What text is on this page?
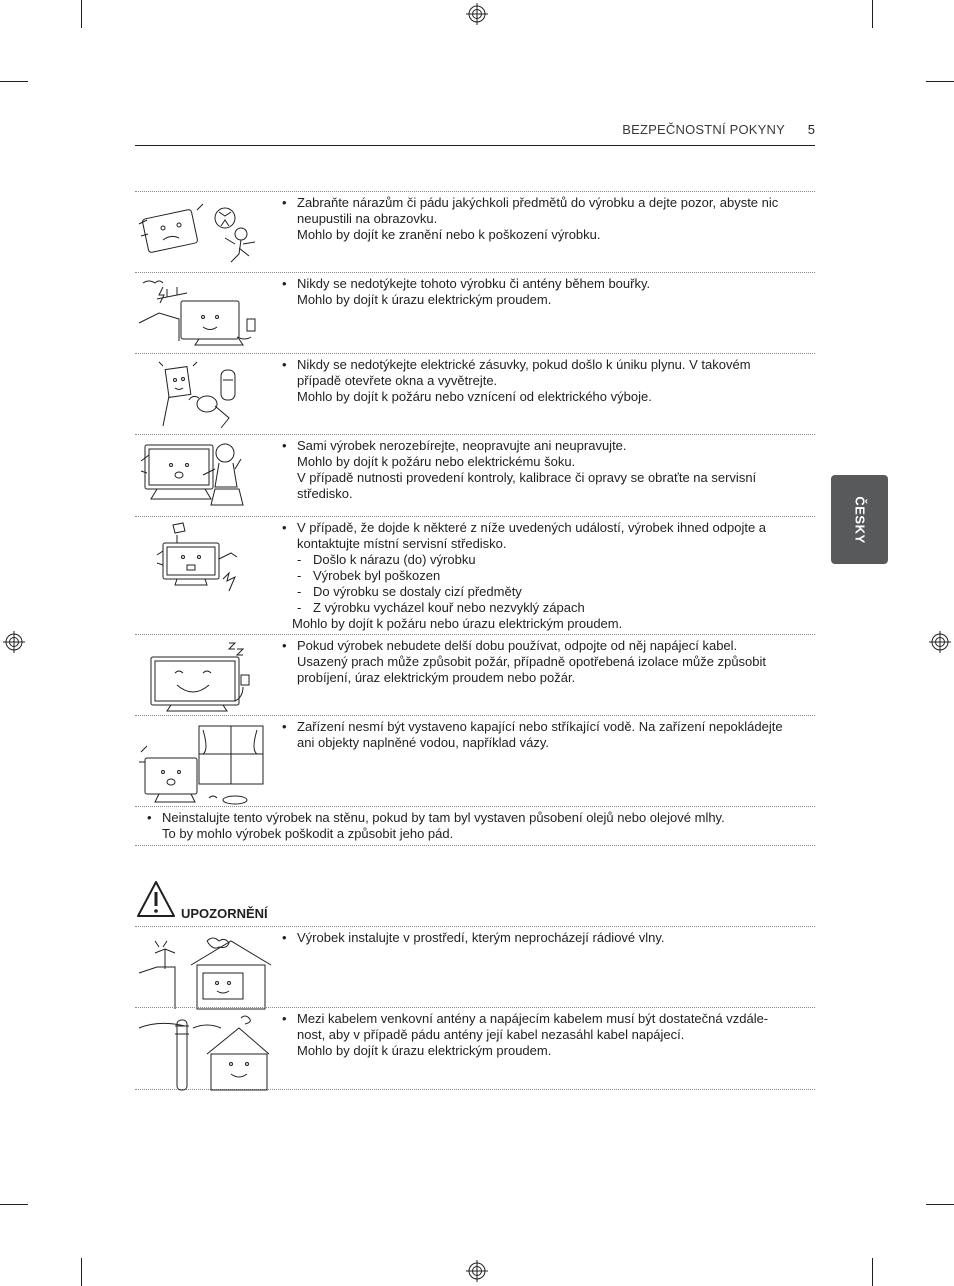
BEZPEČNOSTNÍ POKYNY 5
ČESKY
• Zabraňte nárazům či pádu jakýchkoli předmětů do výrobku a dejte pozor, abyste nic
neupustili na obrazovku.
Mohlo by dojít ke zranění nebo k poškození výrobku.
• Nikdy se nedotýkejte tohoto výrobku či antény během bouřky.
Mohlo by dojít k úrazu elektrickým proudem.
• Nikdy se nedotýkejte elektrické zásuvky, pokud došlo k úniku plynu. V takovém
případě otevřete okna a vyvětrejte.
Mohlo by dojít k požáru nebo vznícení od elektrického výboje.
• Sami výrobek nerozebírejte, neopravujte ani neupravujte.
Mohlo by dojít k požáru nebo elektrickému šoku.
V případě nutnosti provedení kontroly, kalibrace či opravy se obraťte na servisní
středisko.
• V případě, že dojde k některé z níže uvedených událostí, výrobek ihned odpojte a
kontaktujte místní servisní středisko.
- Došlo k nárazu (do) výrobku
- Výrobek byl poškozen
- Do výrobku se dostaly cizí předměty
- Z výrobku vycházel kouř nebo nezvyklý zápach
Mohlo by dojít k požáru nebo úrazu elektrickým proudem.
• Pokud výrobek nebudete delší dobu používat, odpojte od něj napájecí kabel.
Usazený prach může způsobit požár, případně opotřebená izolace může způsobit
probíjení, úraz elektrickým proudem nebo požár.
• Zařízení nesmí být vystaveno kapající nebo stříkající vodě. Na zařízení nepokládejte
ani objekty naplněné vodou, například vázy.
• Neinstalujte tento výrobek na stěnu, pokud by tam byl vystaven působení olejů nebo olejové mlhy.
To by mohlo výrobek poškodit a způsobit jeho pád.
UPOZORNĚNÍ
• Výrobek instalujte v prostředí, kterým neprocházejí rádiové vlny.
• Mezi kabelem venkovní antény a napájecím kabelem musí být dostatečná vzdále-
nost, aby v případě pádu antény její kabel nezasáhl kabel napájecí.
Mohlo by dojít k úrazu elektrickým proudem.
